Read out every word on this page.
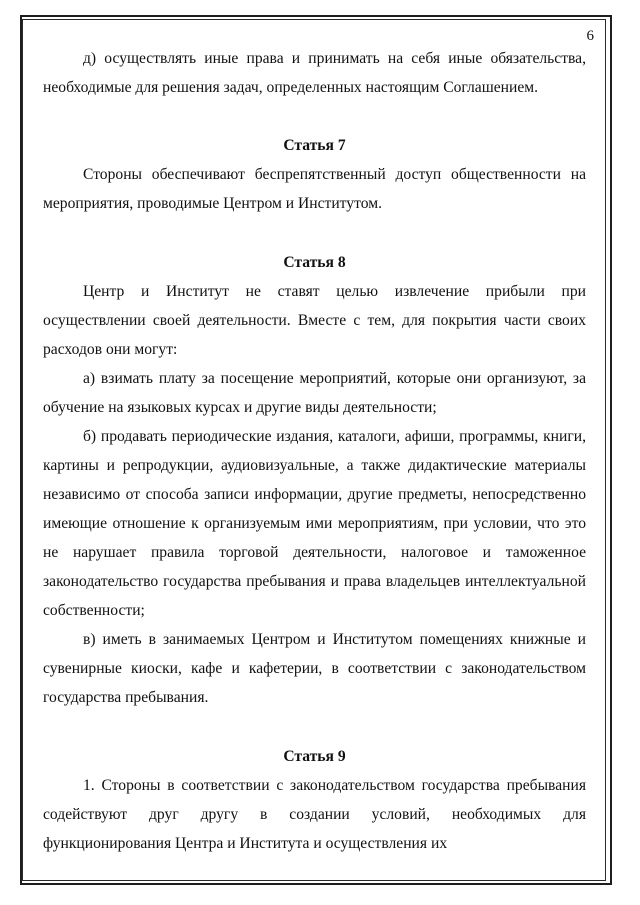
6

д) осуществлять иные права и принимать на себя иные обязательства, необходимые для решения задач, определенных настоящим Соглашением.

Статья 7

Стороны обеспечивают беспрепятственный доступ общественности на мероприятия, проводимые Центром и Институтом.

Статья 8

Центр и Институт не ставят целью извлечение прибыли при осуществлении своей деятельности. Вместе с тем, для покрытия части своих расходов они могут:

а) взимать плату за посещение мероприятий, которые они организуют, за обучение на языковых курсах и другие виды деятельности;

б) продавать периодические издания, каталоги, афиши, программы, книги, картины и репродукции, аудиовизуальные, а также дидактические материалы независимо от способа записи информации, другие предметы, непосредственно имеющие отношение к организуемым ими мероприятиям, при условии, что это не нарушает правила торговой деятельности, налоговое и таможенное законодательство государства пребывания и права владельцев интеллектуальной собственности;

в) иметь в занимаемых Центром и Институтом помещениях книжные и сувенирные киоски, кафе и кафетерии, в соответствии с законодательством государства пребывания.

Статья 9

1. Стороны в соответствии с законодательством государства пребывания содействуют друг другу в создании условий, необходимых для функционирования Центра и Института и осуществления их
